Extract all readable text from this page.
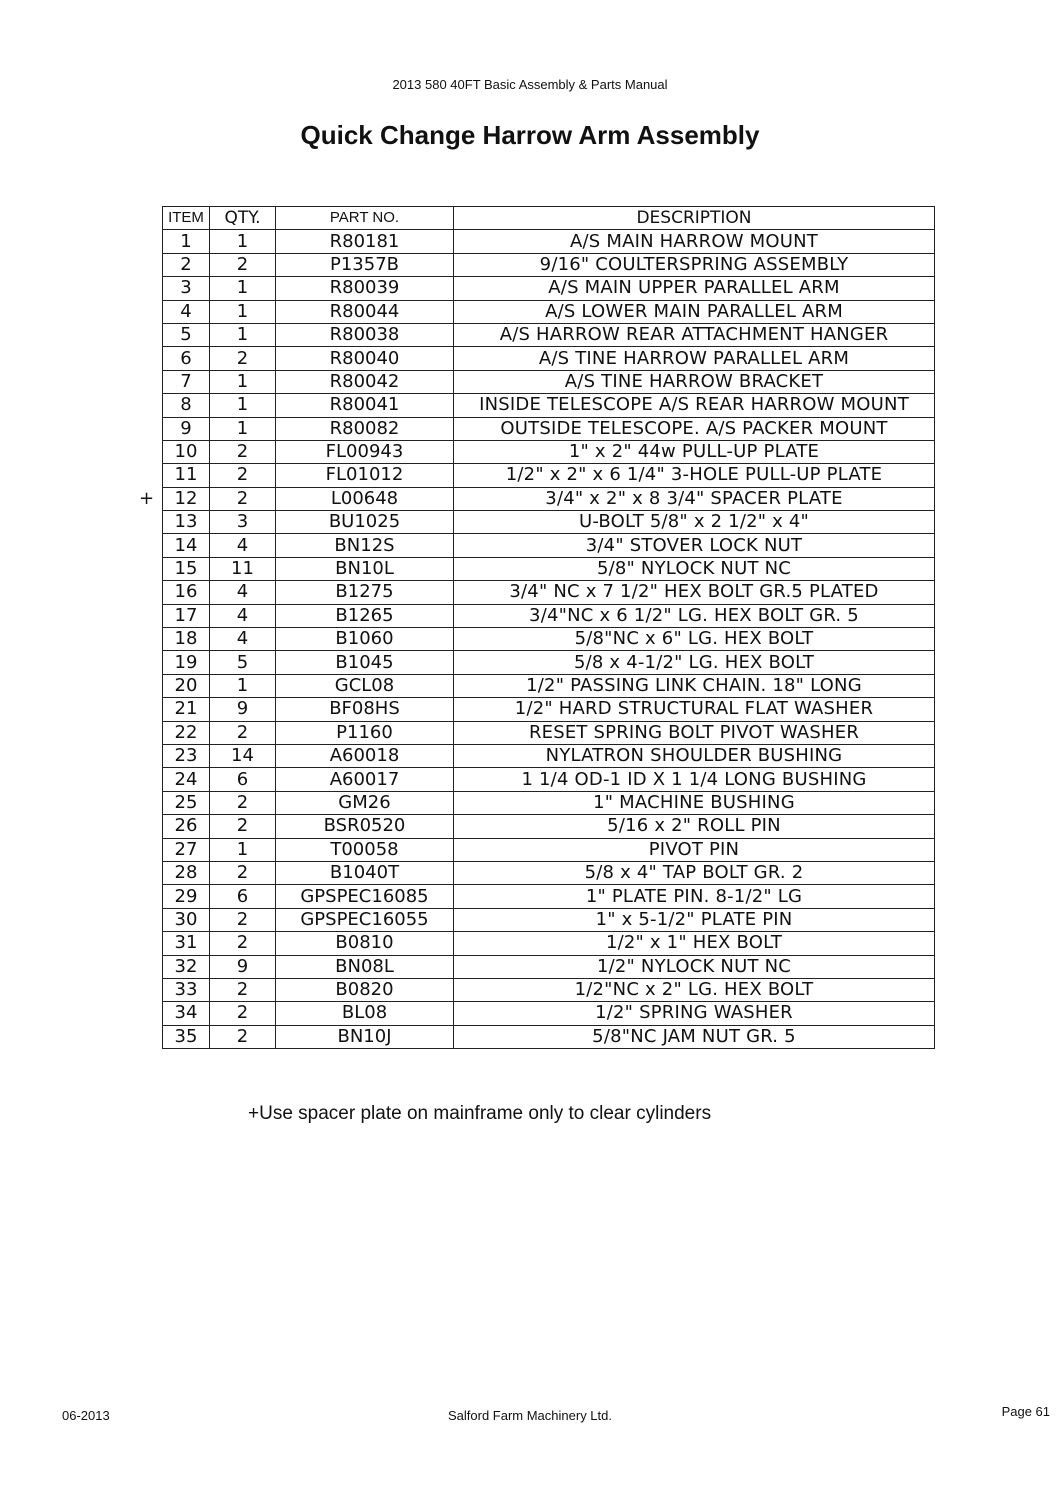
2013 580 40FT Basic Assembly & Parts Manual
Quick Change Harrow Arm Assembly
+
ITEM	QTY.	PART NO.	DESCRIPTION
1	1	R80181	A/S MAIN HARROW MOUNT
2	2	P1357B	9/16" COULTERSPRING ASSEMBLY
3	1	R80039	A/S MAIN UPPER PARALLEL ARM
4	1	R80044	A/S LOWER MAIN PARALLEL ARM
5	1	R80038	A/S HARROW REAR ATTACHMENT HANGER
6	2	R80040	A/S TINE HARROW PARALLEL ARM
7	1	R80042	A/S TINE HARROW BRACKET
8	1	R80041	INSIDE TELESCOPE A/S REAR HARROW MOUNT
9	1	R80082	OUTSIDE TELESCOPE. A/S PACKER MOUNT
10	2	FL00943	1" x 2" 44w PULL-UP PLATE
11	2	FL01012	1/2" x 2" x 6 1/4" 3-HOLE PULL-UP PLATE
12	2	L00648	3/4" x 2" x 8 3/4" SPACER PLATE
13	3	BU1025	U-BOLT 5/8" x 2 1/2" x 4"
14	4	BN12S	3/4" STOVER LOCK NUT
15	11	BN10L	5/8" NYLOCK NUT NC
16	4	B1275	3/4" NC x 7 1/2" HEX BOLT GR.5 PLATED
17	4	B1265	3/4"NC x 6 1/2" LG. HEX BOLT GR. 5
18	4	B1060	5/8"NC x 6" LG. HEX BOLT
19	5	B1045	5/8 x 4-1/2" LG. HEX BOLT
20	1	GCL08	1/2" PASSING LINK CHAIN. 18" LONG
21	9	BF08HS	1/2" HARD STRUCTURAL FLAT WASHER
22	2	P1160	RESET SPRING BOLT PIVOT WASHER
23	14	A60018	NYLATRON SHOULDER BUSHING
24	6	A60017	1 1/4 OD-1 ID X 1 1/4 LONG BUSHING
25	2	GM26	1" MACHINE BUSHING
26	2	BSR0520	5/16 x 2" ROLL PIN
27	1	T00058	PIVOT PIN
28	2	B1040T	5/8 x 4" TAP BOLT GR. 2
29	6	GPSPEC16085	1" PLATE PIN. 8-1/2" LG
30	2	GPSPEC16055	1" x 5-1/2" PLATE PIN
31	2	B0810	1/2" x 1" HEX BOLT
32	9	BN08L	1/2" NYLOCK NUT NC
33	2	B0820	1/2"NC x 2" LG. HEX BOLT
34	2	BL08	1/2" SPRING WASHER
35	2	BN10J	5/8"NC JAM NUT GR. 5
+Use spacer plate on mainframe only to clear cylinders
06-2013	Salford Farm Machinery Ltd.	Page 61
